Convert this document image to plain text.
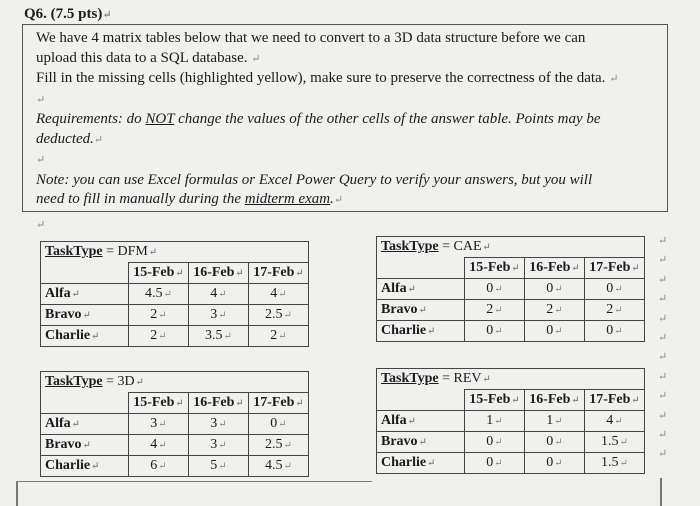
Q6. (7.5 pts)↵

We have 4 matrix tables below that we need to convert to a 3D data structure before we can

upload this data to a SQL database. ↵

Fill in the missing cells (highlighted yellow), make sure to preserve the correctness of the data. ↵

↵

Requirements: do NOT change the values of the other cells of the answer table. Points may be

deducted.↵

↵

Note: you can use Excel formulas or Excel Power Query to verify your answers, but you will

need to fill in manually during the midterm exam.↵

↵
TaskType = DFM↵			
	15-Feb↵	16-Feb↵	17-Feb↵
Alfa↵	4.5↵	4↵	4↵
Bravo↵	2↵	3↵	2.5↵
Charlie↵	2↵	3.5↵	2↵
TaskType = CAE↵			
	15-Feb↵	16-Feb↵	17-Feb↵
Alfa↵	0↵	0↵	0↵
Bravo↵	2↵	2↵	2↵
Charlie↵	0↵	0↵	0↵
TaskType = 3D↵			
	15-Feb↵	16-Feb↵	17-Feb↵
Alfa↵	3↵	3↵	0↵
Bravo↵	4↵	3↵	2.5↵
Charlie↵	6↵	5↵	4.5↵
TaskType = REV↵			
	15-Feb↵	16-Feb↵	17-Feb↵
Alfa↵	1↵	1↵	4↵
Bravo↵	0↵	0↵	1.5↵
Charlie↵	0↵	0↵	1.5↵
↵
↵
↵
↵
↵
↵
↵
↵
↵
↵
↵
↵
